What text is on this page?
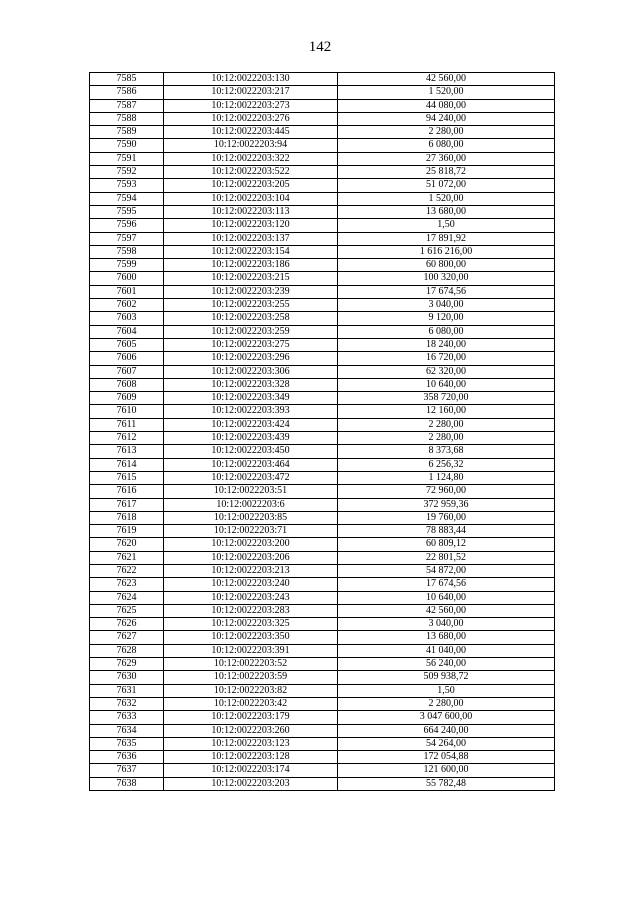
142
7585	10:12:0022203:130	42 560,00
7586	10:12:0022203:217	1 520,00
7587	10:12:0022203:273	44 080,00
7588	10:12:0022203:276	94 240,00
7589	10:12:0022203:445	2 280,00
7590	10:12:0022203:94	6 080,00
7591	10:12:0022203:322	27 360,00
7592	10:12:0022203:522	25 818,72
7593	10:12:0022203:205	51 072,00
7594	10:12:0022203:104	1 520,00
7595	10:12:0022203:113	13 680,00
7596	10:12:0022203:120	1,50
7597	10:12:0022203:137	17 891,92
7598	10:12:0022203:154	1 616 216,00
7599	10:12:0022203:186	60 800,00
7600	10:12:0022203:215	100 320,00
7601	10:12:0022203:239	17 674,56
7602	10:12:0022203:255	3 040,00
7603	10:12:0022203:258	9 120,00
7604	10:12:0022203:259	6 080,00
7605	10:12:0022203:275	18 240,00
7606	10:12:0022203:296	16 720,00
7607	10:12:0022203:306	62 320,00
7608	10:12:0022203:328	10 640,00
7609	10:12:0022203:349	358 720,00
7610	10:12:0022203:393	12 160,00
7611	10:12:0022203:424	2 280,00
7612	10:12:0022203:439	2 280,00
7613	10:12:0022203:450	8 373,68
7614	10:12:0022203:464	6 256,32
7615	10:12:0022203:472	1 124,80
7616	10:12:0022203:51	72 960,00
7617	10:12:0022203:6	372 959,36
7618	10:12:0022203:85	19 760,00
7619	10:12:0022203:71	78 883,44
7620	10:12:0022203:200	60 809,12
7621	10:12:0022203:206	22 801,52
7622	10:12:0022203:213	54 872,00
7623	10:12:0022203:240	17 674,56
7624	10:12:0022203:243	10 640,00
7625	10:12:0022203:283	42 560,00
7626	10:12:0022203:325	3 040,00
7627	10:12:0022203:350	13 680,00
7628	10:12:0022203:391	41 040,00
7629	10:12:0022203:52	56 240,00
7630	10:12:0022203:59	509 938,72
7631	10:12:0022203:82	1,50
7632	10:12:0022203:42	2 280,00
7633	10:12:0022203:179	3 047 600,00
7634	10:12:0022203:260	664 240,00
7635	10:12:0022203:123	54 264,00
7636	10:12:0022203:128	172 054,88
7637	10:12:0022203:174	121 600,00
7638	10:12:0022203:203	55 782,48
